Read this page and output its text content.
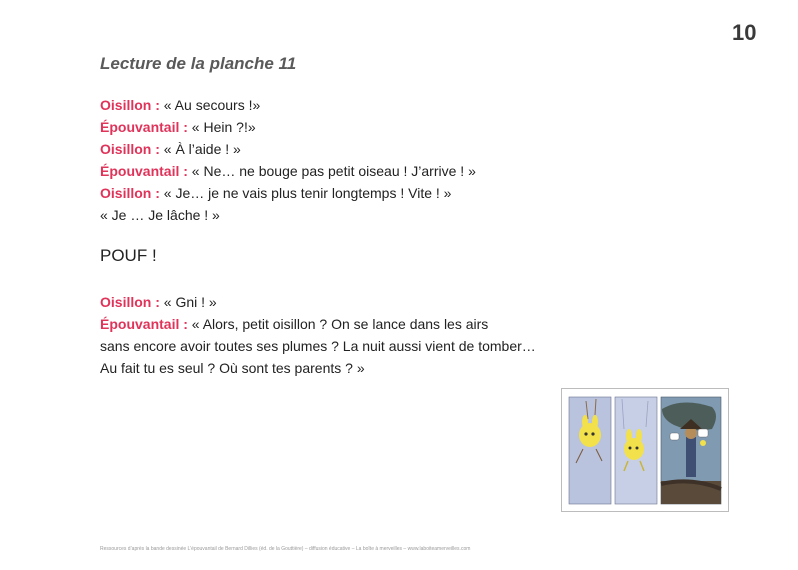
10
Lecture de la planche 11
Oisillon : « Au secours !»
Épouvantail : « Hein ?!»
Oisillon : « À l’aide ! »
Épouvantail : « Ne… ne bouge pas petit oiseau ! J’arrive ! »
Oisillon : « Je… je ne vais plus tenir longtemps ! Vite ! »
« Je … Je lâche ! »
POUF !
Oisillon : « Gni ! »
Épouvantail : « Alors, petit oisillon ? On se lance dans les airs
sans encore avoir toutes ses plumes ? La nuit aussi vient de tomber…
Au fait tu es seul ? Où sont tes parents ? »
Ressources d’après la bande dessinée L’épouvantail de Bernard Dillies (éd. de la Gouttière) – diffusion éducative – La boîte à merveilles – www.laboiteamerveilles.com
